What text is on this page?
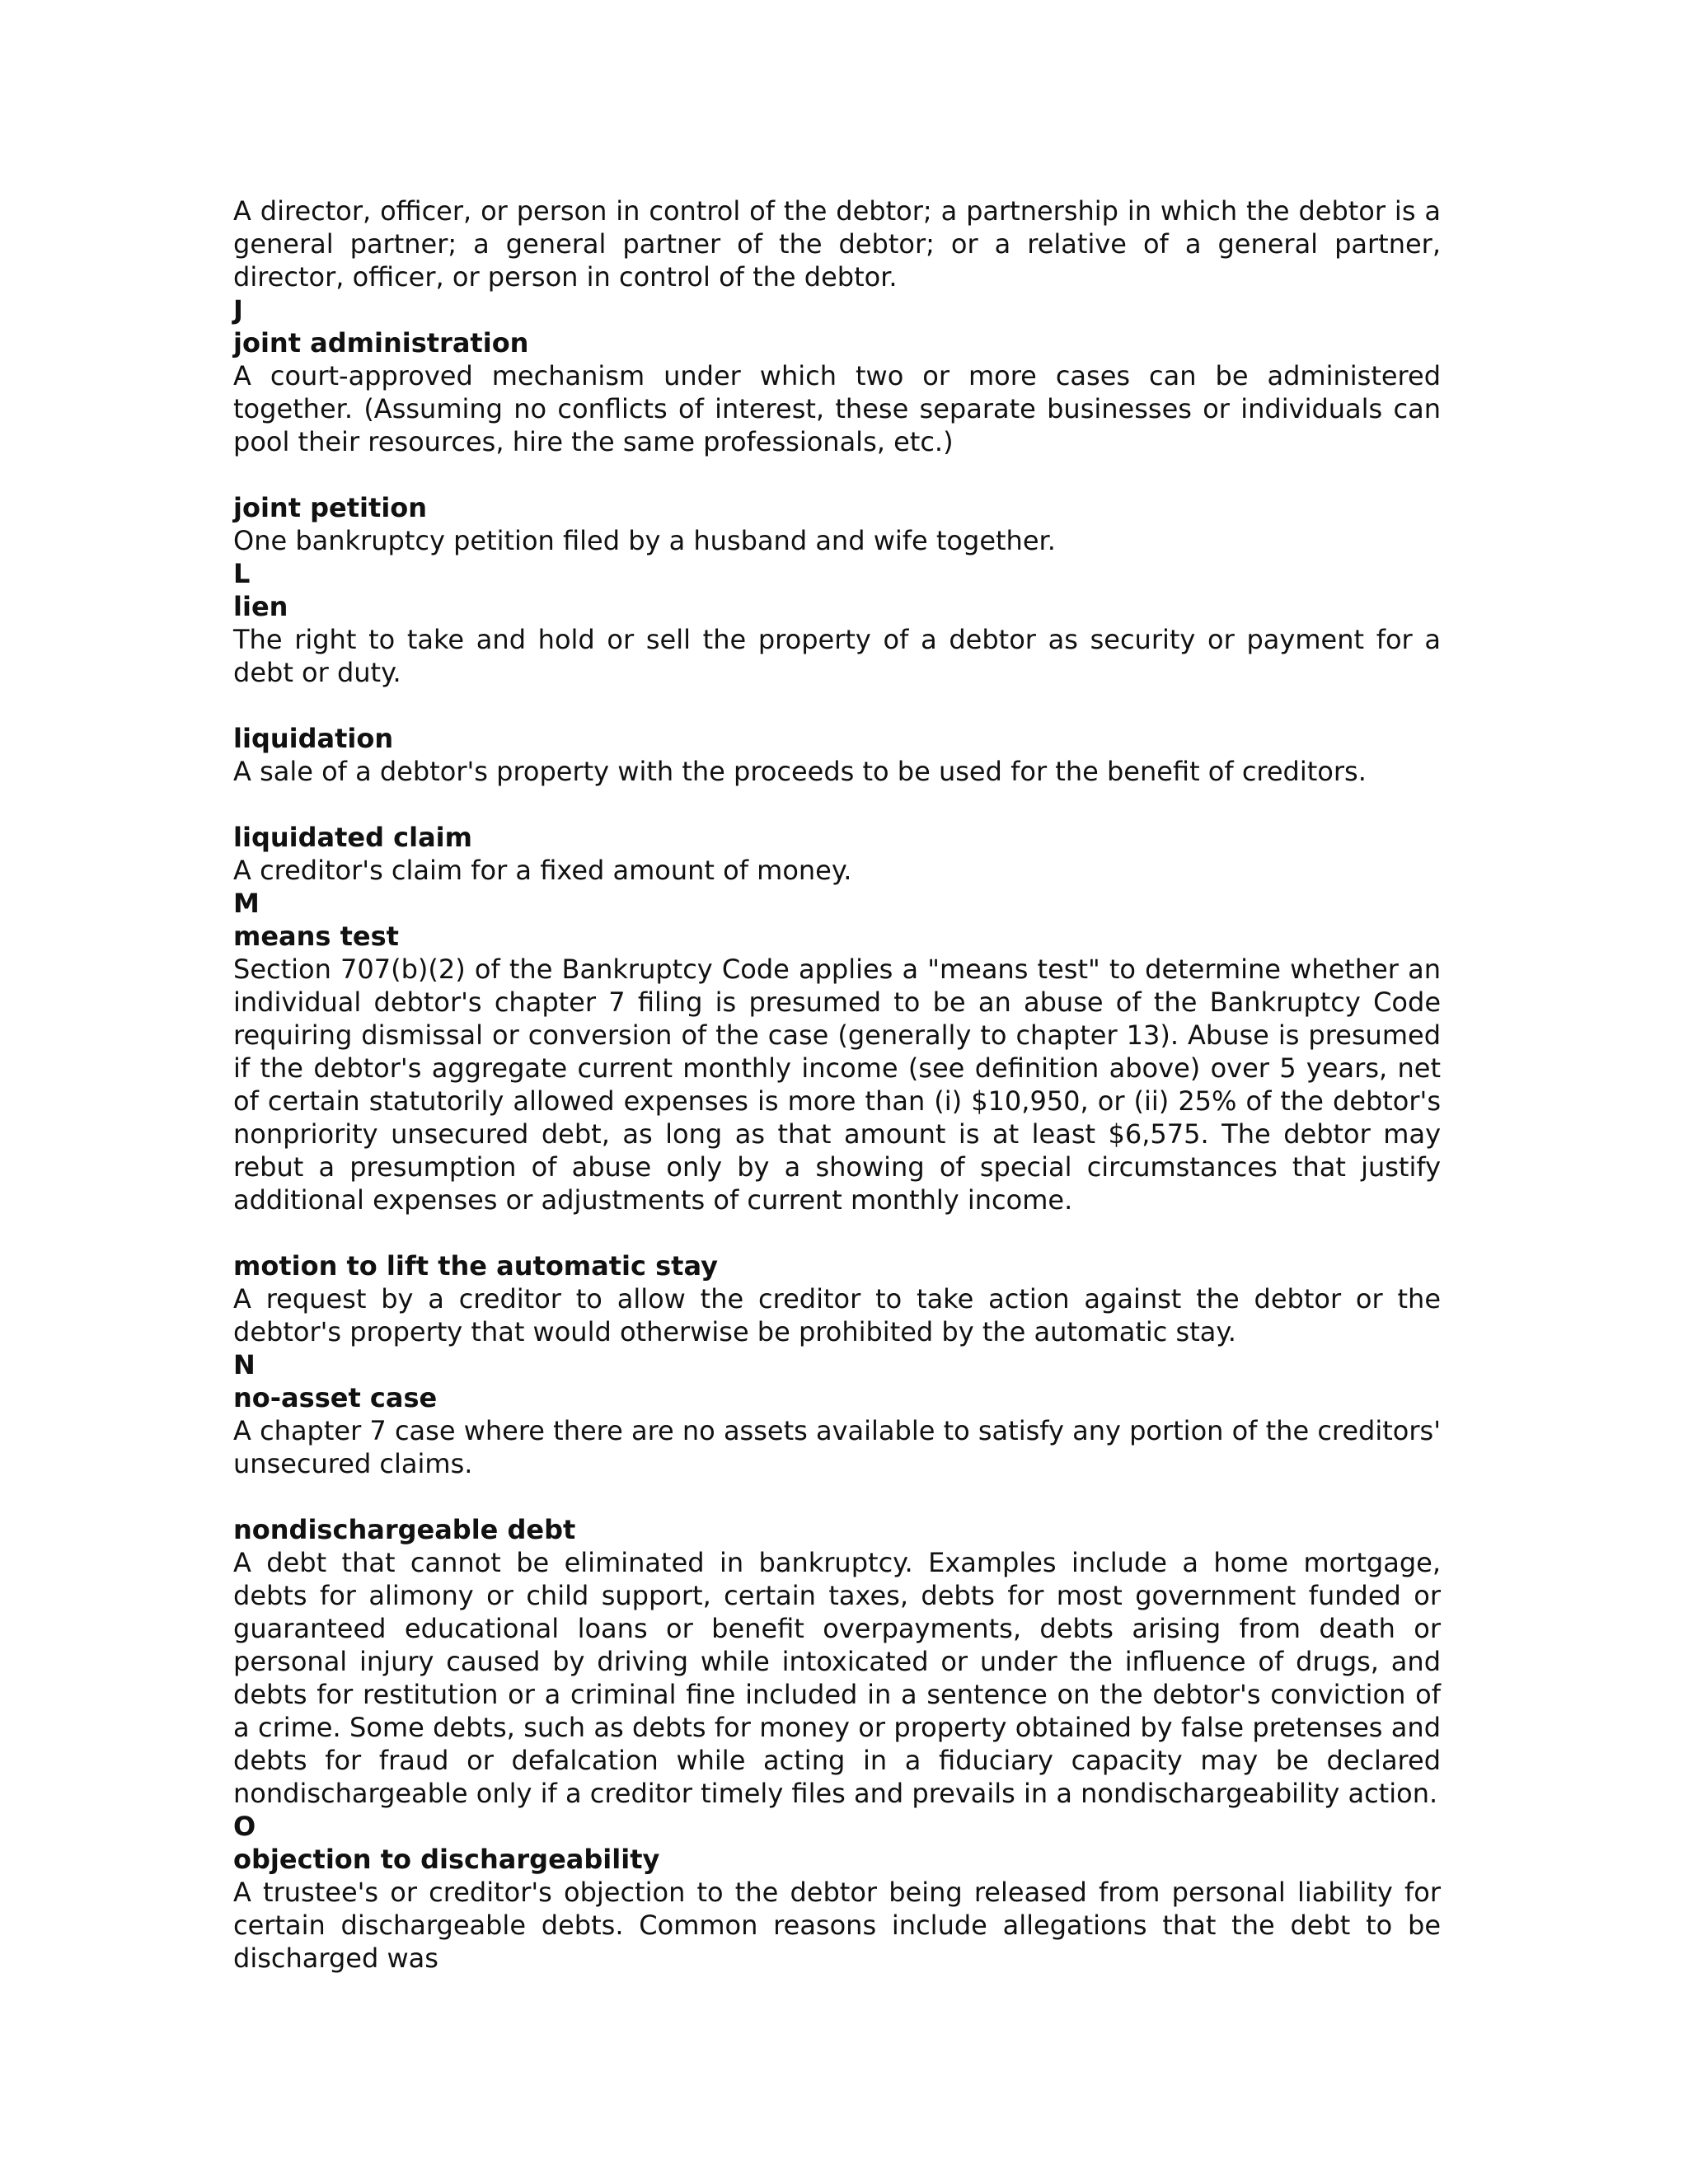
A director, officer, or person in control of the debtor; a partnership in which the debtor is a general partner; a general partner of the debtor; or a relative of a general partner, director, officer, or person in control of the debtor.

J

joint administration

A court-approved mechanism under which two or more cases can be administered together. (Assuming no conflicts of interest, these separate businesses or individuals can pool their resources, hire the same professionals, etc.)

joint petition

One bankruptcy petition filed by a husband and wife together.

L

lien

The right to take and hold or sell the property of a debtor as security or payment for a debt or duty.

liquidation

A sale of a debtor's property with the proceeds to be used for the benefit of creditors.

liquidated claim

A creditor's claim for a fixed amount of money.

M

means test

Section 707(b)(2) of the Bankruptcy Code applies a "means test" to determine whether an individual debtor's chapter 7 filing is presumed to be an abuse of the Bankruptcy Code requiring dismissal or conversion of the case (generally to chapter 13). Abuse is presumed if the debtor's aggregate current monthly income (see definition above) over 5 years, net of certain statutorily allowed expenses is more than (i) $10,950, or (ii) 25% of the debtor's nonpriority unsecured debt, as long as that amount is at least $6,575. The debtor may rebut a presumption of abuse only by a showing of special circumstances that justify additional expenses or adjustments of current monthly income.

motion to lift the automatic stay

A request by a creditor to allow the creditor to take action against the debtor or the debtor's property that would otherwise be prohibited by the automatic stay.

N

no-asset case

A chapter 7 case where there are no assets available to satisfy any portion of the creditors' unsecured claims.

nondischargeable debt

A debt that cannot be eliminated in bankruptcy. Examples include a home mortgage, debts for alimony or child support, certain taxes, debts for most government funded or guaranteed educational loans or benefit overpayments, debts arising from death or personal injury caused by driving while intoxicated or under the influence of drugs, and debts for restitution or a criminal fine included in a sentence on the debtor's conviction of a crime. Some debts, such as debts for money or property obtained by false pretenses and debts for fraud or defalcation while acting in a fiduciary capacity may be declared nondischargeable only if a creditor timely files and prevails in a nondischargeability action.

O

objection to dischargeability

A trustee's or creditor's objection to the debtor being released from personal liability for certain dischargeable debts. Common reasons include allegations that the debt to be discharged was
